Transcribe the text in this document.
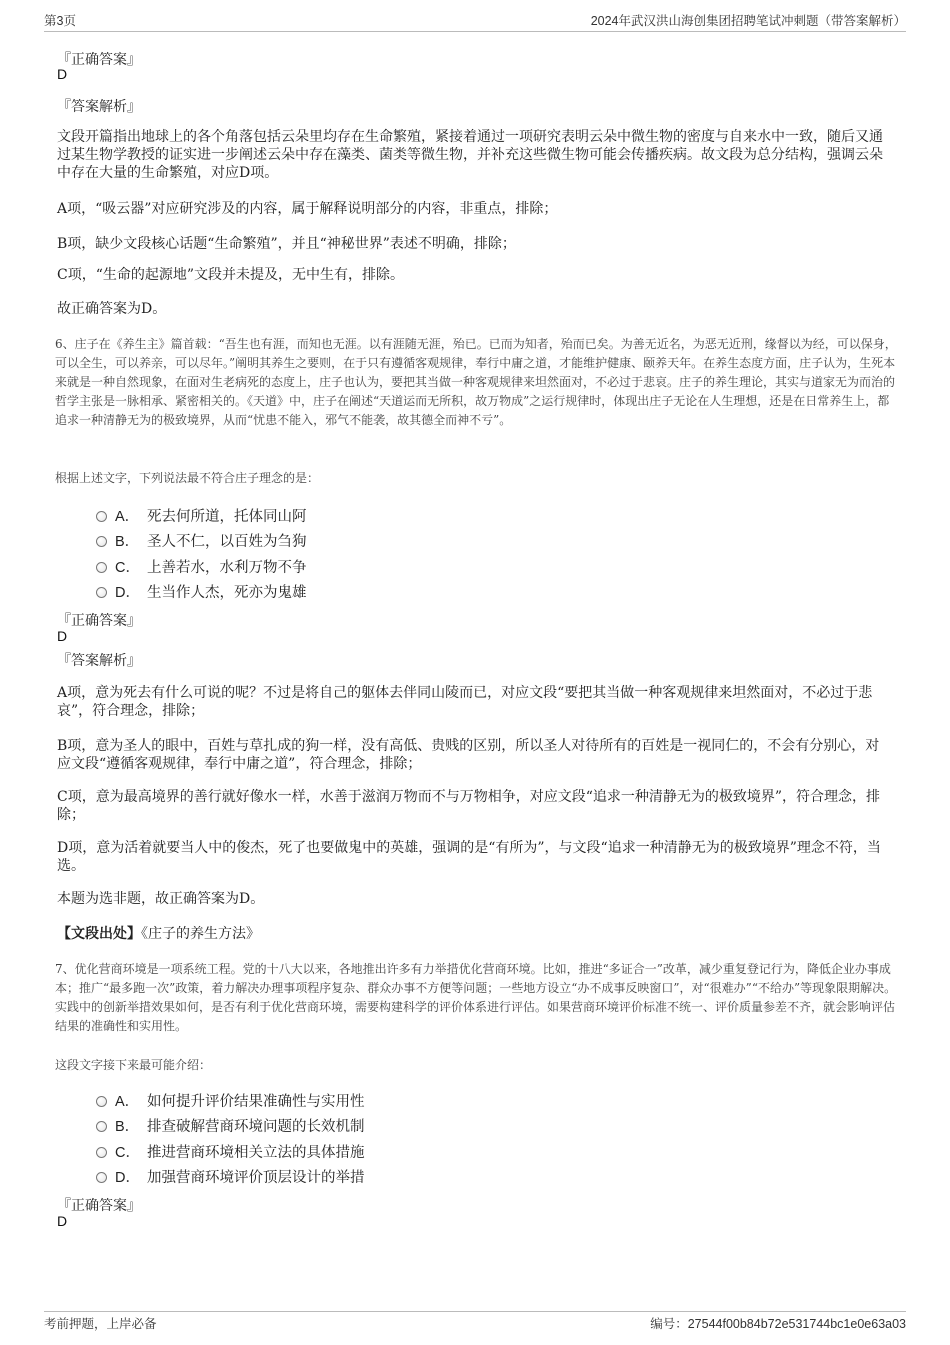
第3页	2024年武汉洪山海创集团招聘笔试冲刺题（带答案解析）
『正确答案』
D
『答案解析』
文段开篇指出地球上的各个角落包括云朵里均存在生命繁殖，紧接着通过一项研究表明云朵中微生物的密度与自来水中一致，随后又通过某生物学教授的证实进一步阐述云朵中存在藻类、菌类等微生物，并补充这些微生物可能会传播疾病。故文段为总分结构，强调云朵中存在大量的生命繁殖，对应D项。
A项，“吸云器”对应研究涉及的内容，属于解释说明部分的内容，非重点，排除；
B项，缺少文段核心话题“生命繁殖”，并且“神秘世界”表述不明确，排除；
C项，“生命的起源地”文段并未提及，无中生有，排除。
故正确答案为D。
6、庄子在《养生主》篇首载：“吾生也有涯，而知也无涯。以有涯随无涯，殆已。已而为知者，殆而已矣。为善无近名，为恶无近刑，缘督以为经，可以保身，可以全生，可以养亲，可以尽年。”阐明其养生之要则，在于只有遵循客观规律，奉行中庸之道，才能维护健康、颐养天年。在养生态度方面，庄子认为，生死本来就是一种自然现象，在面对生老病死的态度上，庄子也认为，要把其当做一种客观规律来坦然面对，不必过于悲哀。庄子的养生理论，其实与道家无为而治的哲学主张是一脉相承、紧密相关的。《天道》中，庄子在阐述“天道运而无所积，故万物成”之运行规律时，体现出庄子无论在人生理想，还是在日常养生上，都追求一种清静无为的极致境界，从而“忧患不能入，邪气不能袭，故其德全而神不亏”。
根据上述文字，下列说法最不符合庄子理念的是：
A． 死去何所道，托体同山阿
B． 圣人不仁，以百姓为刍狗
C． 上善若水，水利万物不争
D． 生当作人杰，死亦为鬼雄
『正确答案』
D
『答案解析』
A项，意为死去有什么可说的呢？不过是将自己的躯体去伴同山陵而已，对应文段“要把其当做一种客观规律来坦然面对，不必过于悲哀”，符合理念，排除；
B项，意为圣人的眼中，百姓与草扎成的狗一样，没有高低、贵贱的区别，所以圣人对待所有的百姓是一视同仁的，不会有分别心，对应文段“遵循客观规律，奉行中庸之道”，符合理念，排除；
C项，意为最高境界的善行就好像水一样，水善于滋润万物而不与万物相争，对应文段“追求一种清静无为的极致境界”，符合理念，排除；
D项，意为活着就要当人中的俊杰，死了也要做鬼中的英雄，强调的是“有所为”，与文段“追求一种清静无为的极致境界”理念不符，当选。
本题为选非题，故正确答案为D。
【文段出处】《庄子的养生方法》
7、优化营商环境是一项系统工程。党的十八大以来，各地推出许多有力举措优化营商环境。比如，推进“多证合一”改革，减少重复登记行为，降低企业办事成本；推广“最多跑一次”政策，着力解决办理事项程序复杂、群众办事不方便等问题；一些地方设立“办不成事反映窗口”，对“很难办”“不给办”等现象限期解决。实践中的创新举措效果如何，是否有利于优化营商环境，需要构建科学的评价体系进行评估。如果营商环境评价标准不统一、评价质量参差不齐，就会影响评估结果的准确性和实用性。
这段文字接下来最可能介绍：
A． 如何提升评价结果准确性与实用性
B． 排查破解营商环境问题的长效机制
C． 推进营商环境相关立法的具体措施
D． 加强营商环境评价顶层设计的举措
『正确答案』
D
考前押题，上岸必备	编号：27544f00b84b72e531744bc1e0e63a03
